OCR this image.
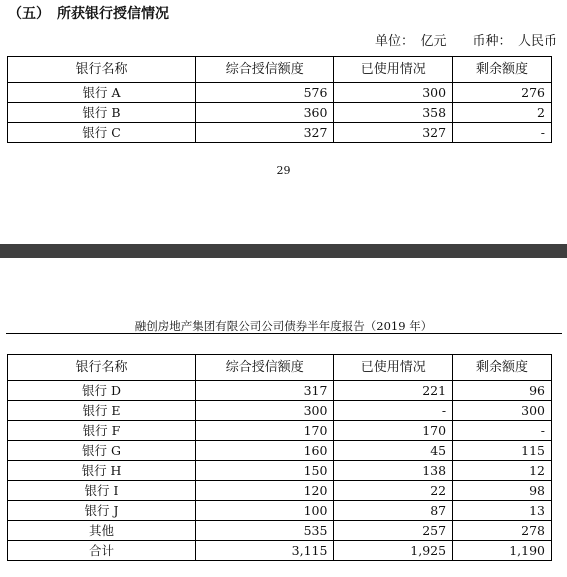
（五）　所获银行授信情况
单位：　亿元　　币种：　人民币
银行名称	综合授信额度	已使用情况	剩余额度
银行 A	576	300	276
银行 B	360	358	2
银行 C	327	327	-
29
融创房地产集团有限公司公司债券半年度报告（2019 年）
银行名称	综合授信额度	已使用情况	剩余额度
银行 D	317	221	96
银行 E	300	-	300
银行 F	170	170	-
银行 G	160	45	115
银行 H	150	138	12
银行 I	120	22	98
银行 J	100	87	13
其他	535	257	278
合计	3,115	1,925	1,190
